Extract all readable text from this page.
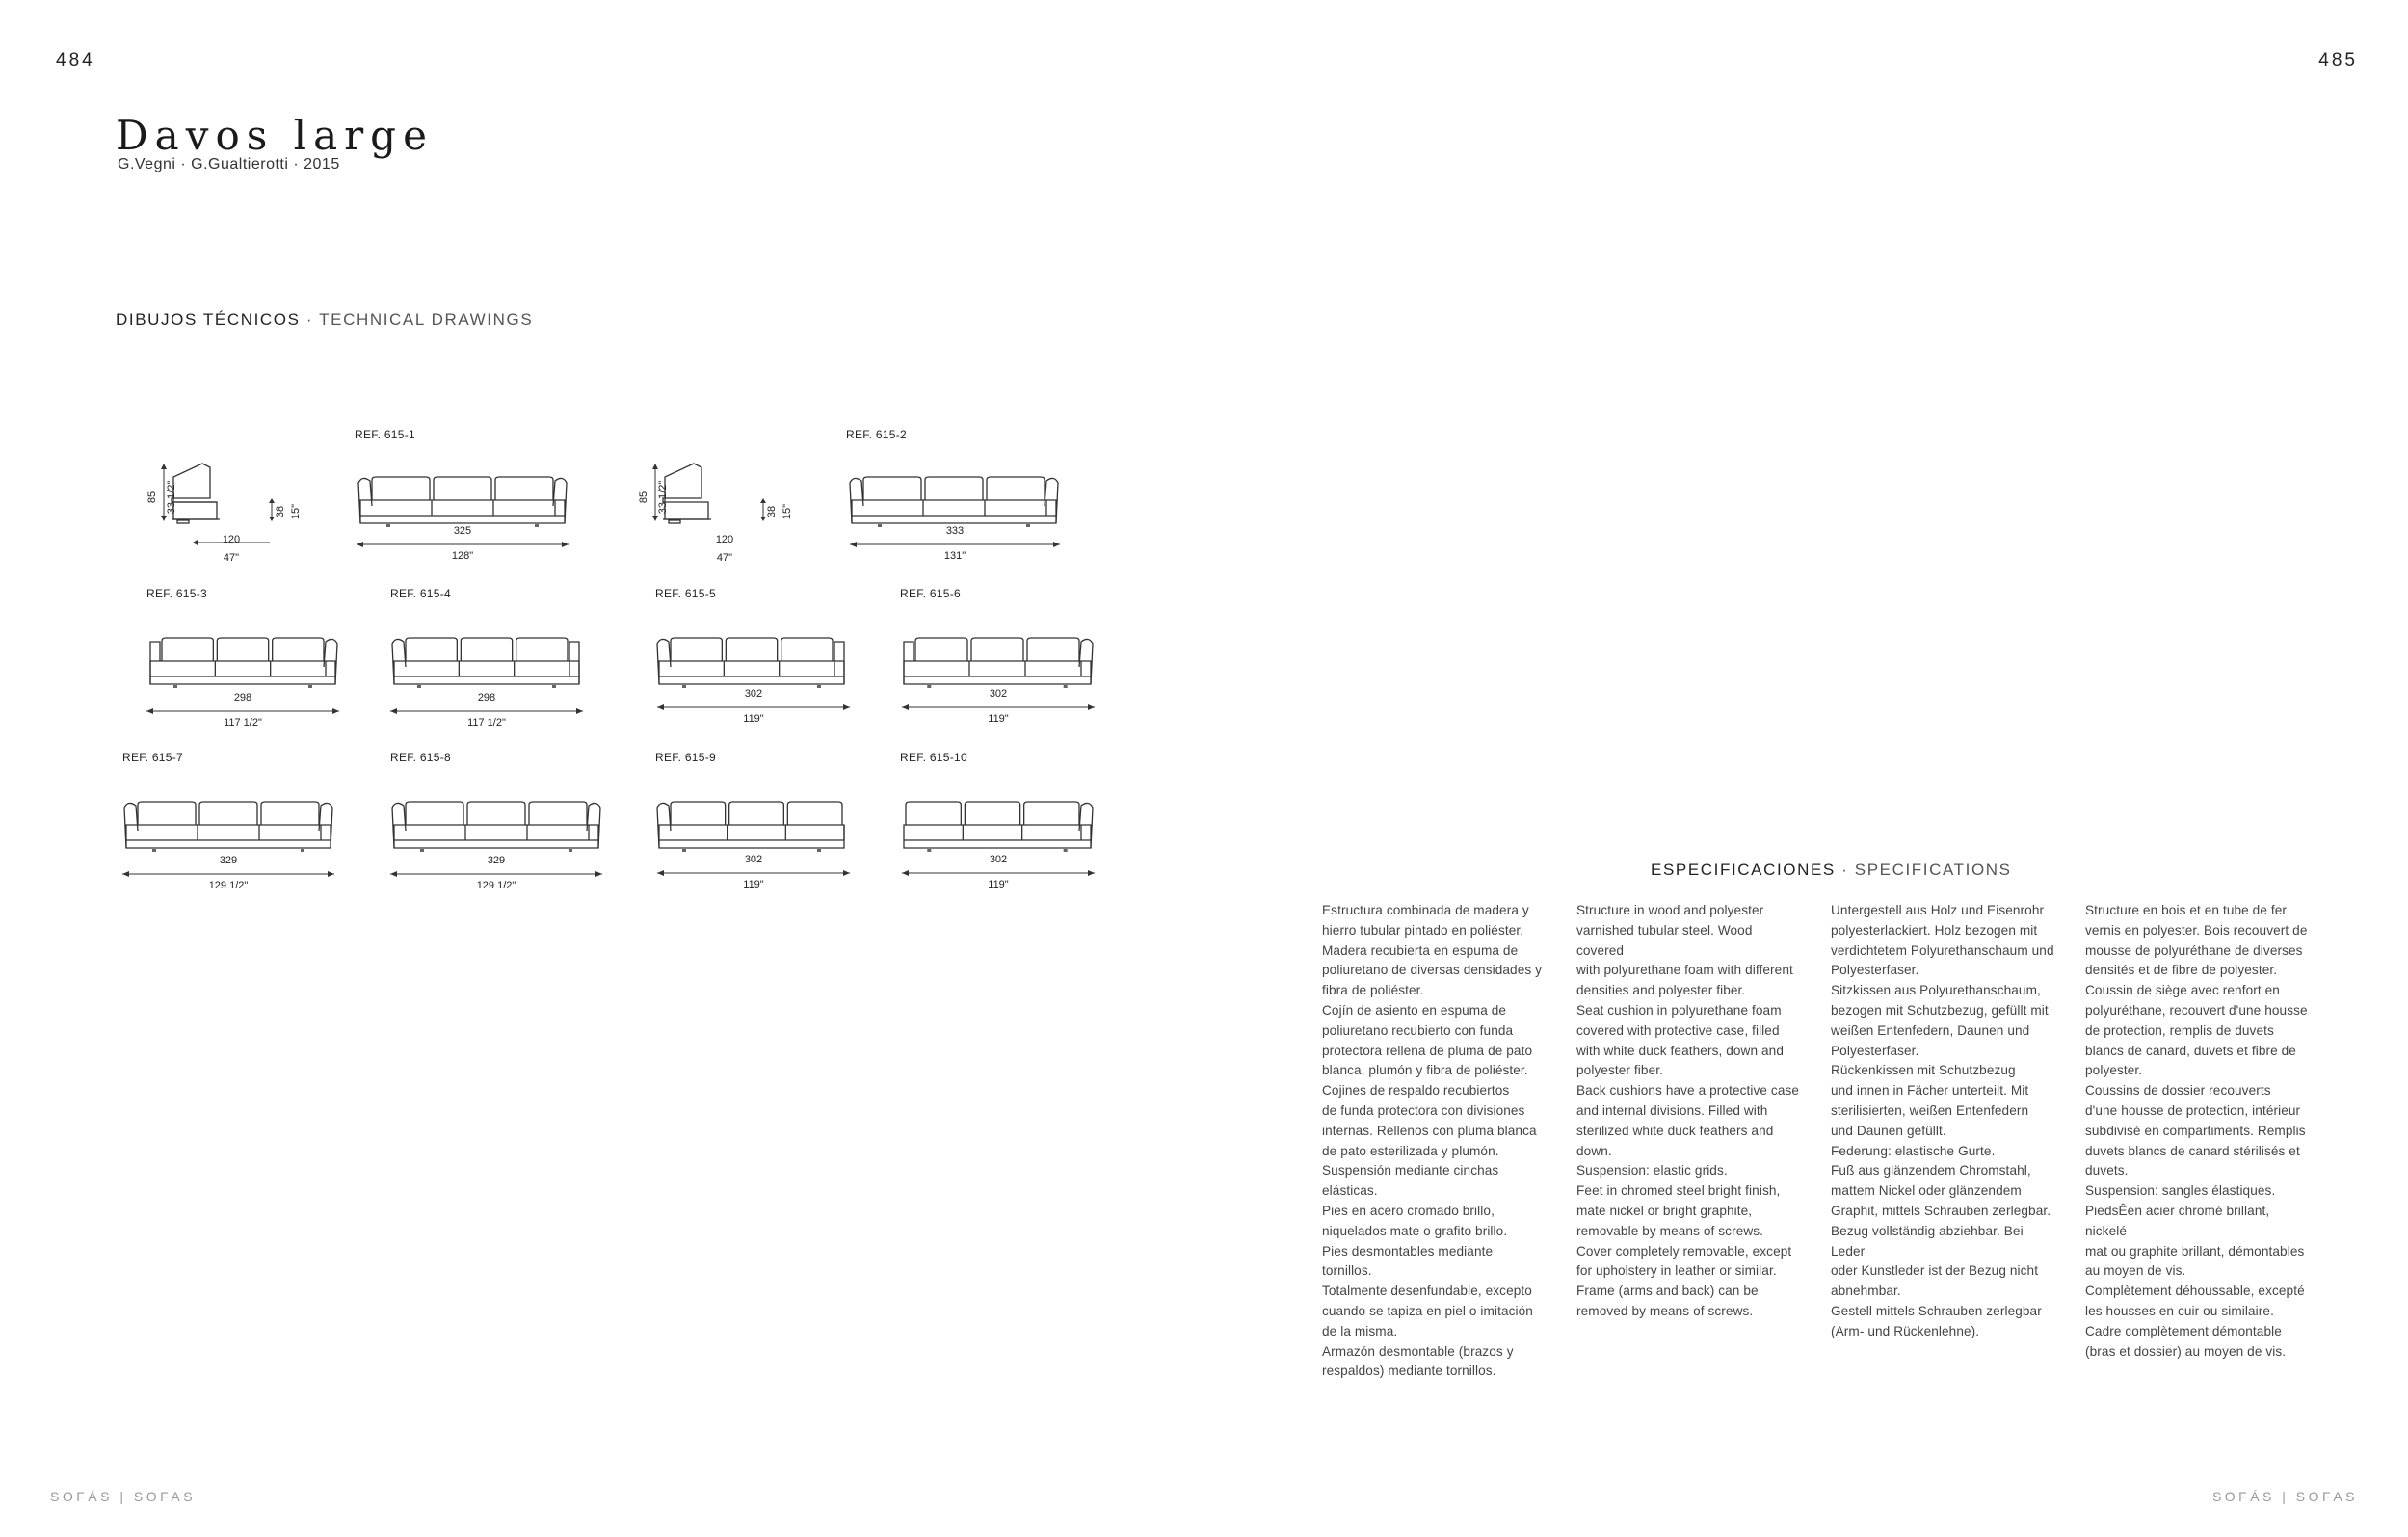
484	485
Davos large
G.Vegni · G.Gualtierotti · 2015
DIBUJOS TÉCNICOS · TECHNICAL DRAWINGS
85 33 1/2"	38 15"
120
47"
85 33 1/2"	38 15"
120
47"
REF. 615-1
325
128"
REF. 615-2
333
131"
REF. 615-3
298
117 1/2"
REF. 615-4
298
117 1/2"
REF. 615-5
302
119"
REF. 615-6
302
119"
REF. 615-7
329
129 1/2"
REF. 615-8
329
129 1/2"
REF. 615-9
302
119"
REF. 615-10
302
119"
ESPECIFICACIONES · SPECIFICATIONS

Estructura combinada de madera y

hierro tubular pintado en poliéster.

Madera recubierta en espuma de

poliuretano de diversas densidades y

fibra de poliéster.

Cojín de asiento en espuma de

poliuretano recubierto con funda

protectora rellena de pluma de pato

blanca, plumón y fibra de poliéster.

Cojines de respaldo recubiertos

de funda protectora con divisiones

internas. Rellenos con pluma blanca

de pato esterilizada y plumón.

Suspensión mediante cinchas elásticas.

Pies en acero cromado brillo,

niquelados mate o grafito brillo.

Pies desmontables mediante tornillos.

Totalmente desenfundable, excepto

cuando se tapiza en piel o imitación

de la misma.

Armazón desmontable (brazos y

respaldos) mediante tornillos.

Structure in wood and polyester

varnished tubular steel. Wood covered

with polyurethane foam with different

densities and polyester fiber.

Seat cushion in polyurethane foam

covered with protective case, filled

with white duck feathers, down and

polyester fiber.

Back cushions have a protective case

and internal divisions. Filled with

sterilized white duck feathers and

down.

Suspension: elastic grids.

Feet in chromed steel bright finish,

mate nickel or bright graphite,

removable by means of screws.

Cover completely removable, except

for upholstery in leather or similar.

Frame (arms and back) can be

removed by means of screws.

Untergestell aus Holz und Eisenrohr

polyesterlackiert. Holz bezogen mit

verdichtetem Polyurethanschaum und

Polyesterfaser.

Sitzkissen aus Polyurethanschaum,

bezogen mit Schutzbezug, gefüllt mit

weißen Entenfedern, Daunen und

Polyesterfaser.

Rückenkissen mit Schutzbezug

und innen in Fächer unterteilt. Mit

sterilisierten, weißen Entenfedern

und Daunen gefüllt.

Federung: elastische Gurte.

Fuß aus glänzendem Chromstahl,

mattem Nickel oder glänzendem

Graphit, mittels Schrauben zerlegbar.

Bezug vollständig abziehbar. Bei Leder

oder Kunstleder ist der Bezug nicht

abnehmbar.

Gestell mittels Schrauben zerlegbar

(Arm- und Rückenlehne).

Structure en bois et en tube de fer

vernis en polyester. Bois recouvert de

mousse de polyuréthane de diverses

densités et de fibre de polyester.

Coussin de siège avec renfort en

polyuréthane, recouvert d'une housse

de protection, remplis de duvets

blancs de canard, duvets et fibre de

polyester.

Coussins de dossier recouverts

d'une housse de protection, intérieur

subdivisé en compartiments. Remplis

duvets blancs de canard stérilisés et

duvets.

Suspension: sangles élastiques.

PiedsÊen acier chromé brillant, nickelé

mat ou graphite brillant, démontables

au moyen de vis.

Complètement déhoussable, excepté

les housses en cuir ou similaire.

Cadre complètement démontable

(bras et dossier) au moyen de vis.

SOFÁS | SOFAS	SOFÁS | SOFAS
